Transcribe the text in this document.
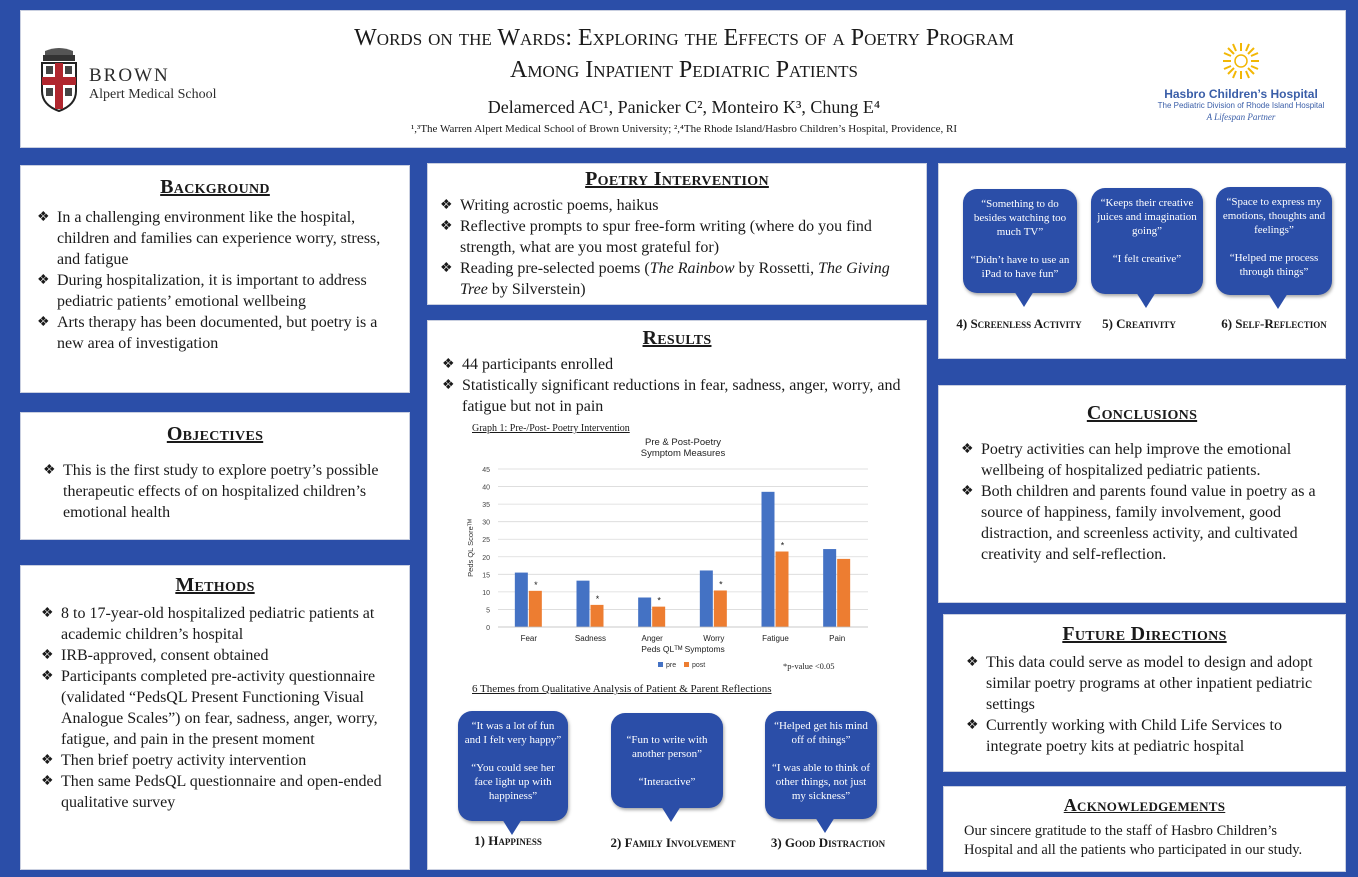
BROWN
Alpert Medical School
Words on the Wards: Exploring the Effects of a Poetry Program
Among Inpatient Pediatric Patients
Delamerced AC¹, Panicker C², Monteiro K³, Chung E⁴
¹,³The Warren Alpert Medical School of Brown University; ²,⁴The Rhode Island/Hasbro Children’s Hospital, Providence, RI
Hasbro Children’s Hospital
The Pediatric Division of Rhode Island Hospital
A Lifespan Partner
Background
❖ In a challenging environment like the hospital, children and families can experience worry, stress, and fatigue
❖ During hospitalization, it is important to address pediatric patients’ emotional wellbeing
❖ Arts therapy has been documented, but poetry is a new area of investigation
Objectives
❖ This is the first study to explore poetry’s possible therapeutic effects of on hospitalized children’s emotional health
Methods
❖ 8 to 17-year-old hospitalized pediatric patients at academic children’s hospital
❖ IRB-approved, consent obtained
❖ Participants completed pre-activity questionnaire (validated “PedsQL Present Functioning Visual Analogue Scales”) on fear, sadness, anger, worry, fatigue, and pain in the present moment
❖ Then brief poetry activity intervention
❖ Then same PedsQL questionnaire and open-ended qualitative survey
Poetry Intervention
❖ Writing acrostic poems, haikus
❖ Reflective prompts to spur free-form writing (where do you find strength, what are you most grateful for)
❖ Reading pre-selected poems (The Rainbow by Rossetti, The Giving Tree by Silverstein)
Results
❖ 44 participants enrolled
❖ Statistically significant reductions in fear, sadness, anger, worry, and fatigue but not in pain
Graph 1: Pre-/Post- Poetry Intervention
Pre & Post-Poetry
Symptom Measures
0
5
10
15
20
25
30
35
40
45
*
*	*
*
*
Fear	Sadness	Anger	Worry	Fatigue	Pain
Peds QL Scoreᵀᴹ
Peds QLᵀᴹ Symptoms
pre post	*p-value <0.05
6 Themes from Qualitative Analysis of Patient & Parent Reflections

“It was a lot of fun and I felt very happy”

“You could see her face light up with happiness”

1) Happiness

“Fun to write with another person”

“Interactive”

2) Family Involvement

“Helped get his mind off of things”

“I was able to think of other things, not just my sickness”

3) Good Distraction

“Something to do besides watching too much TV”

“Didn’t have to use an iPad to have fun”

4) Screenless Activity

“Keeps their creative juices and imagination going”

“I felt creative”

5) Creativity

“Space to express my emotions, thoughts and feelings”

“Helped me process through things”

6) Self-Reflection
Conclusions
❖ Poetry activities can help improve the emotional wellbeing of hospitalized pediatric patients.
❖ Both children and parents found value in poetry as a source of happiness, family involvement, good distraction, and screenless activity, and cultivated creativity and self-reflection.
Future Directions
❖ This data could serve as model to design and adopt similar poetry programs at other inpatient pediatric settings
❖ Currently working with Child Life Services to integrate poetry kits at pediatric hospital
Acknowledgements
Our sincere gratitude to the staff of Hasbro Children’s Hospital and all the patients who participated in our study.
